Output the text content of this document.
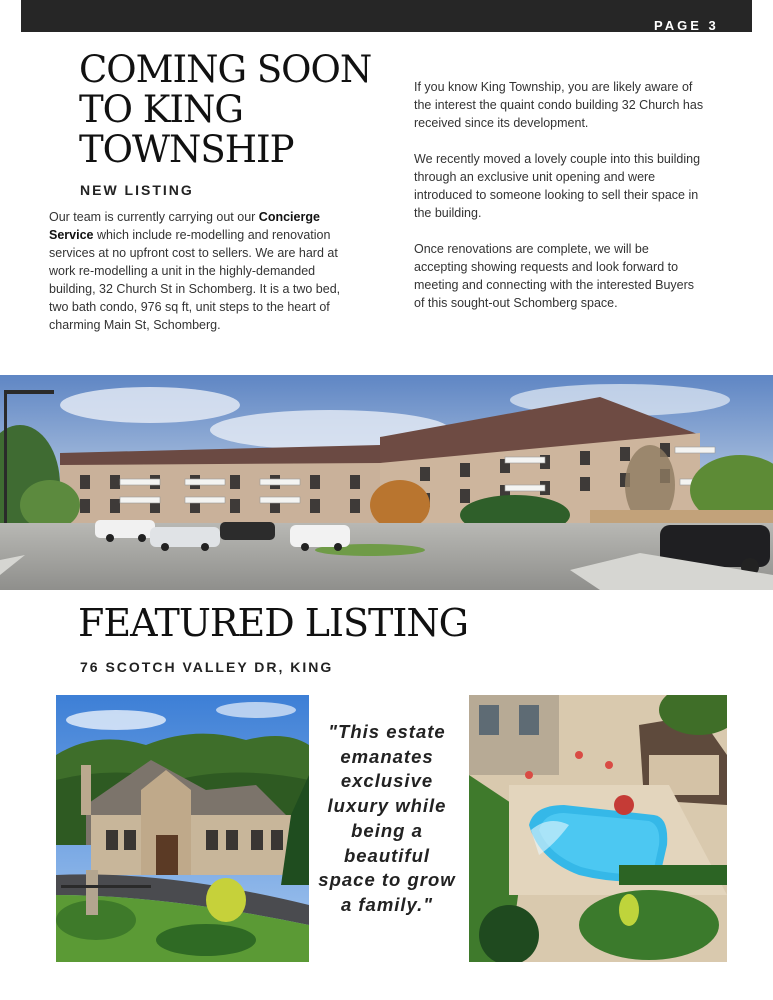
PAGE 3
COMING SOON TO KING TOWNSHIP
NEW LISTING

Our team is currently carrying out our Concierge Service which include re-modelling and renovation services at no upfront cost to sellers. We are hard at work re-modelling a unit in the highly-demanded building, 32 Church St in Schomberg. It is a two bed, two bath condo, 976 sq ft, unit steps to the heart of charming Main St, Schomberg.

If you know King Township, you are likely aware of the interest the quaint condo building 32 Church has received since its development.

We recently moved a lovely couple into this building through an exclusive unit opening and were introduced to someone looking to sell their space in the building.

Once renovations are complete, we will be accepting showing requests and look forward to meeting and connecting with the interested Buyers of this sought-out Schomberg space.

FEATURED LISTING
76 SCOTCH VALLEY DR, KING

"This estate emanates exclusive luxury while being a beautiful space to grow a family."
